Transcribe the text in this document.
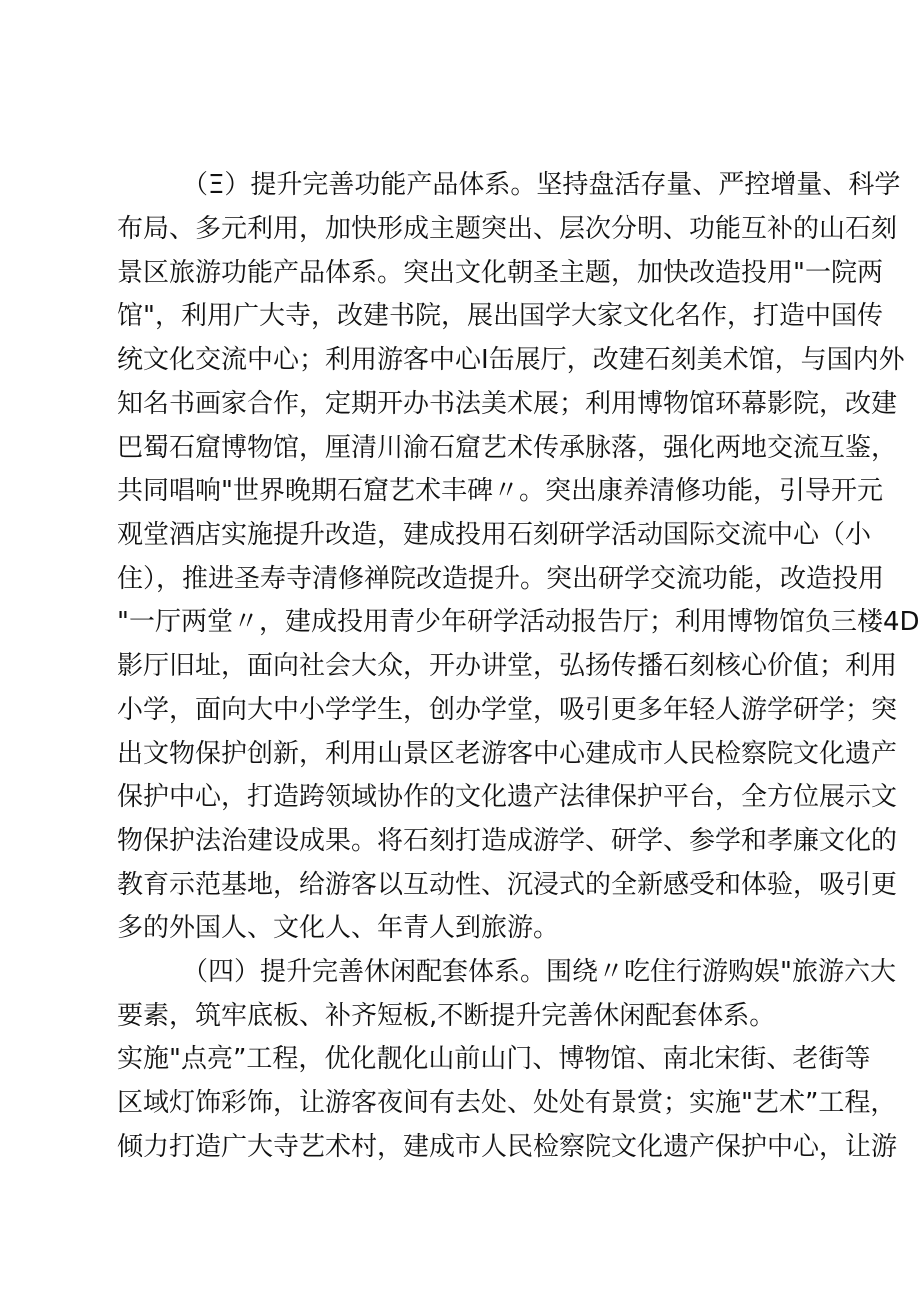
（Ξ）提升完善功能产品体系。坚持盘活存量、严控增量、科学

布局、多元利用，加快形成主题突出、层次分明、功能互补的山石刻

景区旅游功能产品体系。突出文化朝圣主题，加快改造投用"一院两

馆"，利用广大寺，改建书院，展出国学大家文化名作，打造中国传

统文化交流中心；利用游客中心I缶展厅，改建石刻美术馆，与国内外

知名书画家合作，定期开办书法美术展；利用博物馆环幕影院，改建

巴蜀石窟博物馆，厘清川渝石窟艺术传承脉落，强化两地交流互鉴，

共同唱响"世界晚期石窟艺术丰碑〃。突出康养清修功能，引导开元

观堂酒店实施提升改造，建成投用石刻研学活动国际交流中心（小

住），推进圣寿寺清修禅院改造提升。突出研学交流功能，改造投用

"一厅两堂〃，建成投用青少年研学活动报告厅；利用博物馆负三楼4D

影厅旧址，面向社会大众，开办讲堂，弘扬传播石刻核心价值；利用

小学，面向大中小学学生，创办学堂，吸引更多年轻人游学研学；突

出文物保护创新，利用山景区老游客中心建成市人民检察院文化遗产

保护中心，打造跨领域协作的文化遗产法律保护平台，全方位展示文

物保护法治建设成果。将石刻打造成游学、研学、参学和孝廉文化的

教育示范基地，给游客以互动性、沉浸式的全新感受和体验，吸引更

多的外国人、文化人、年青人到旅游。

（四）提升完善休闲配套体系。围绕〃吃住行游购娱"旅游六大

要素，筑牢底板、补齐短板,不断提升完善休闲配套体系。

实施"点亮”工程，优化靓化山前山门、博物馆、南北宋街、老街等

区域灯饰彩饰，让游客夜间有去处、处处有景赏；实施"艺术”工程，

倾力打造广大寺艺术村，建成市人民检察院文化遗产保护中心，让游
